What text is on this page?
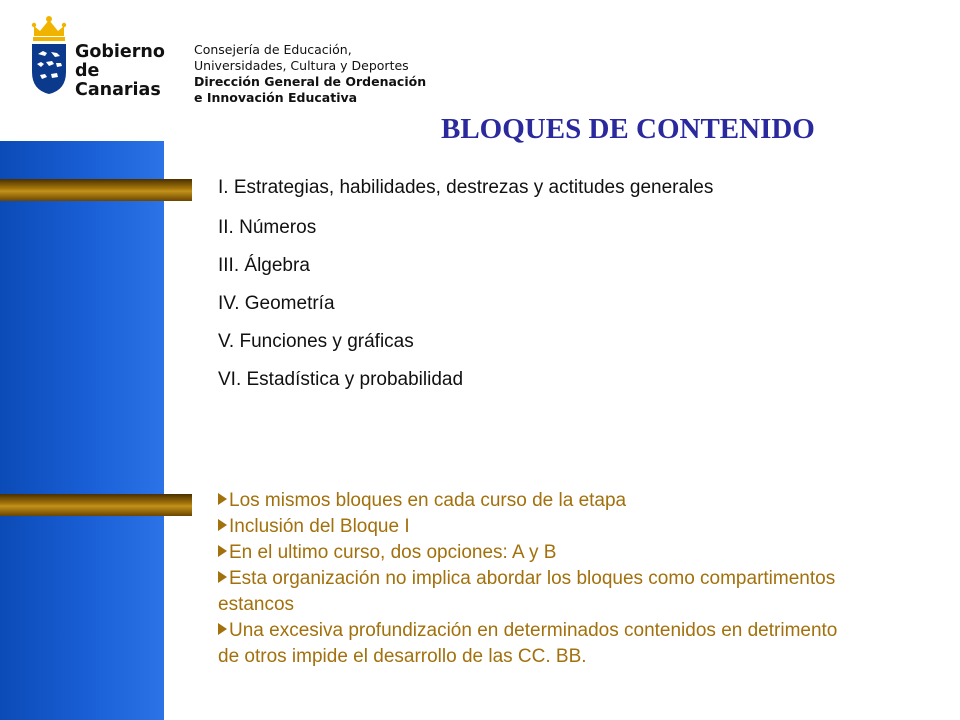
Gobierno
de Canarias
Consejería de Educación,
Universidades, Cultura y Deportes
Dirección General de Ordenación
e Innovación Educativa
BLOQUES DE CONTENIDO
I. Estrategias, habilidades, destrezas y actitudes generales
II. Números
III. Álgebra
IV. Geometría
V. Funciones y gráficas
VI. Estadística y probabilidad
Los mismos bloques en cada curso de la etapa
Inclusión del Bloque I
En el ultimo curso, dos opciones: A y B
Esta organización no implica abordar los bloques como compartimentos estancos
Una excesiva profundización en determinados contenidos en detrimento de otros impide el desarrollo de las CC. BB.
